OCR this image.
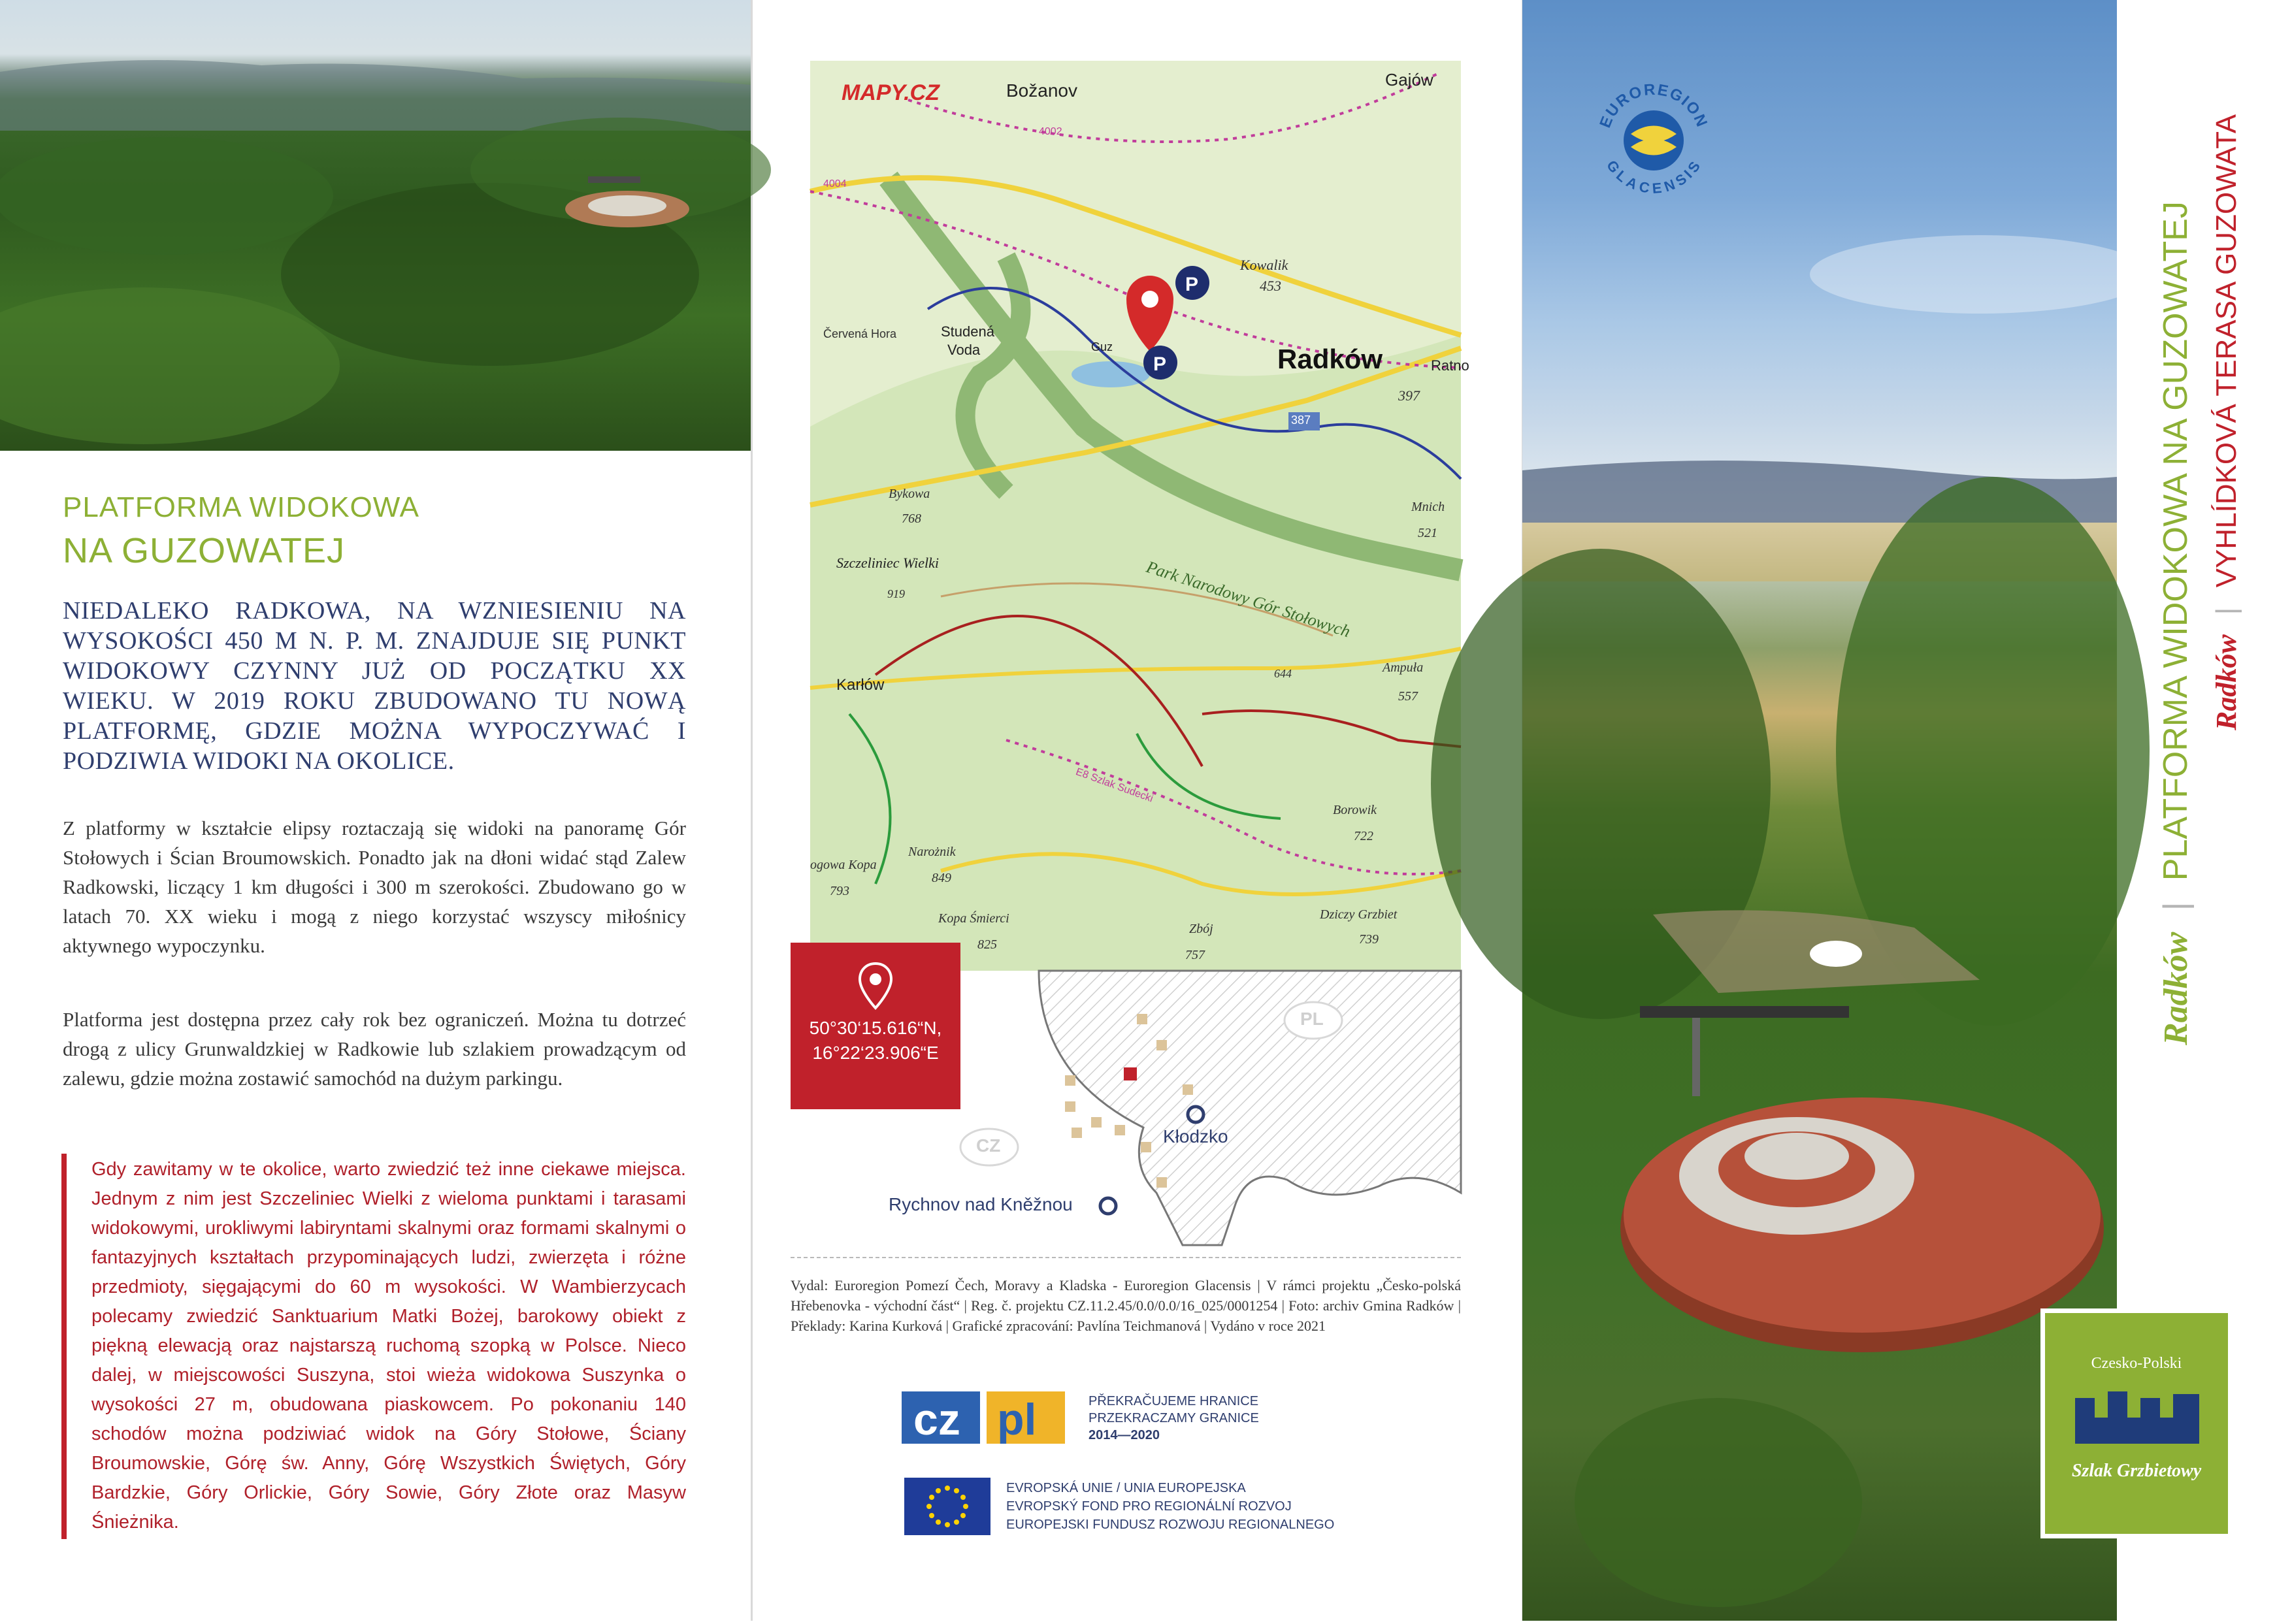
PLATFORMA WIDOKOWA
NA GUZOWATEJ
NIEDALEKO RADKOWA, NA WZNIESIENIU NA WYSOKOŚCI 450 M N. P. M. ZNAJDUJE SIĘ PUNKT WIDOKOWY CZYNNY JUŻ OD POCZĄTKU XX WIEKU. W 2019 ROKU ZBUDOWANO TU NOWĄ PLATFORMĘ, GDZIE MOŻNA WYPOCZYWAĆ I PODZIWIA WIDOKI NA OKOLICE.
Z platformy w kształcie elipsy roztaczają się widoki na panoramę Gór Stołowych i Ścian Broumowskich. Ponadto jak na dłoni widać stąd Zalew Radkowski, liczący 1 km długości i 300 m szerokości. Zbudowano go w latach 70. XX wieku i mogą z niego korzystać wszyscy miłośnicy aktywnego wypoczynku.
Platforma jest dostępna przez cały rok bez ograniczeń. Można tu dotrzeć drogą z ulicy Grunwaldzkiej w Radkowie lub szlakiem prowadzącym od zalewu, gdzie można zostawić samochód na dużym parkingu.
Gdy zawitamy w te okolice, warto zwiedzić też inne ciekawe miejsca. Jednym z nim jest Szczeliniec Wielki z wieloma punktami i tarasami widokowymi, urokliwymi labiryntami skalnymi oraz formami skalnymi o fantazyjnych kształtach przypominających ludzi, zwierzęta i różne przedmioty, sięgającymi do 60 m wysokości. W Wambierzycach polecamy zwiedzić Sanktuarium Matki Bożej, barokowy obiekt z piękną elewacją oraz najstarszą ruchomą szopką w Polsce. Nieco dalej, w miejscowości Suszyna, stoi wieża widokowa Suszynka o wysokości 27 m, obudowana piaskowcem. Po pokonaniu 140 schodów można podziwiać widok na Góry Stołowe, Ściany Broumowskie, Górę św. Anny, Górę Wszystkich Świętych, Góry Bardzkie, Góry Orlickie, Góry Sowie, Góry Złote oraz Masyw Śnieżnika.
P
P
MAPY.CZ	Božanov
Gajów
4002
4004
Kowalik
453
Červená Hora	Studená
Voda	Guz	Radków
397
Ratno
387
Bykowa
768
Mnich
521
Szczeliniec Wielki
919	Park Narodowy Gór Stołowych
Karłów
644	Ampuła
557
E8 Szlak Sudecki
Borowik
722
Narożnik
849
ogowa Kopa
793
Dziczy Grzbiet
739
Kopa Śmierci
825
Zbój
757
PL
CZ	Kłodzko
Rychnov nad Kněžnou
50°30‘15.616“N,
16°22‘23.906“E
Vydal: Euroregion Pomezí Čech, Moravy a Kladska - Euroregion Glacensis | V rámci projektu „Česko-polská Hřebenovka - východní část“ | Reg. č. projektu CZ.11.2.45/0.0/0.0/16_025/0001254 | Foto: archiv Gmina Radków | Překlady: Karina Kurková | Grafické zpracování: Pavlína Teichmanová | Vydáno v roce 2021
cz pl	PŘEKRAČUJEME HRANICE
PRZEKRACZAMY GRANICE
2014—2020
EVROPSKÁ UNIE / UNIA EUROPEJSKA
EVROPSKÝ FOND PRO REGIONÁLNÍ ROZVOJ
EUROPEJSKI FUNDUSZ ROZWOJU REGIONALNEGO
EUROREGION
GLACENSIS
Radków | PLATFORMA WIDOKOWA NA GUZOWATEJ Radków | VYHLÍDKOVÁ TERASA GUZOWATA
Czesko-Polski
Szlak Grzbietowy
